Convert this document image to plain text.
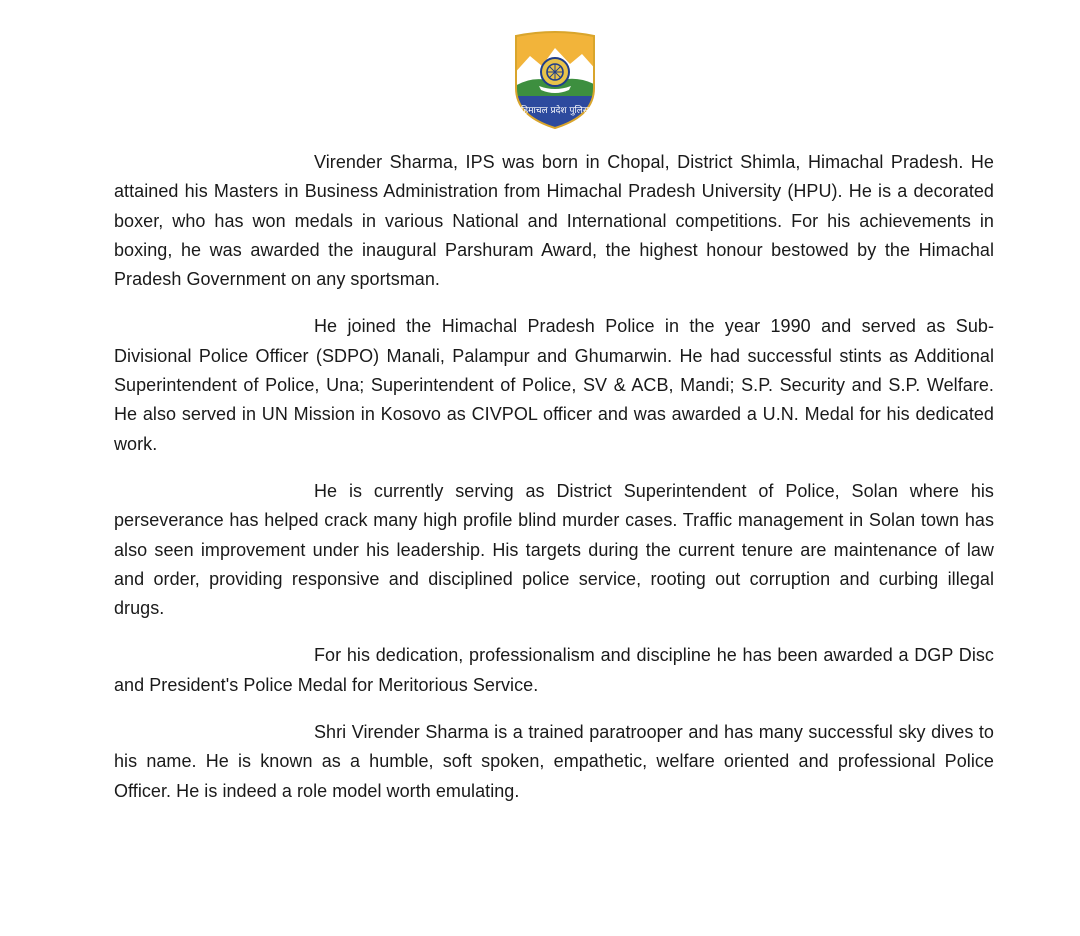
हिमाचल प्रदेश पुलिस

Virender Sharma, IPS was born in Chopal, District Shimla, Himachal Pradesh. He attained his Masters in Business Administration from Himachal Pradesh University (HPU). He is a decorated boxer, who has won medals in various National and International competitions. For his achievements in boxing, he was awarded the inaugural Parshuram Award, the highest honour bestowed by the Himachal Pradesh Government on any sportsman.

He joined the Himachal Pradesh Police in the year 1990 and served as Sub-Divisional Police Officer (SDPO) Manali, Palampur and Ghumarwin. He had successful stints as Additional Superintendent of Police, Una; Superintendent of Police, SV & ACB, Mandi; S.P. Security and S.P. Welfare. He also served in UN Mission in Kosovo as CIVPOL officer and was awarded a U.N. Medal for his dedicated work.

He is currently serving as District Superintendent of Police, Solan where his perseverance has helped crack many high profile blind murder cases. Traffic management in Solan town has also seen improvement under his leadership. His targets during the current tenure are maintenance of law and order, providing responsive and disciplined police service, rooting out corruption and curbing illegal drugs.

For his dedication, professionalism and discipline he has been awarded a DGP Disc and President's Police Medal for Meritorious Service.

Shri Virender Sharma is a trained paratrooper and has many successful sky dives to his name. He is known as a humble, soft spoken, empathetic, welfare oriented and professional Police Officer. He is indeed a role model worth emulating.
